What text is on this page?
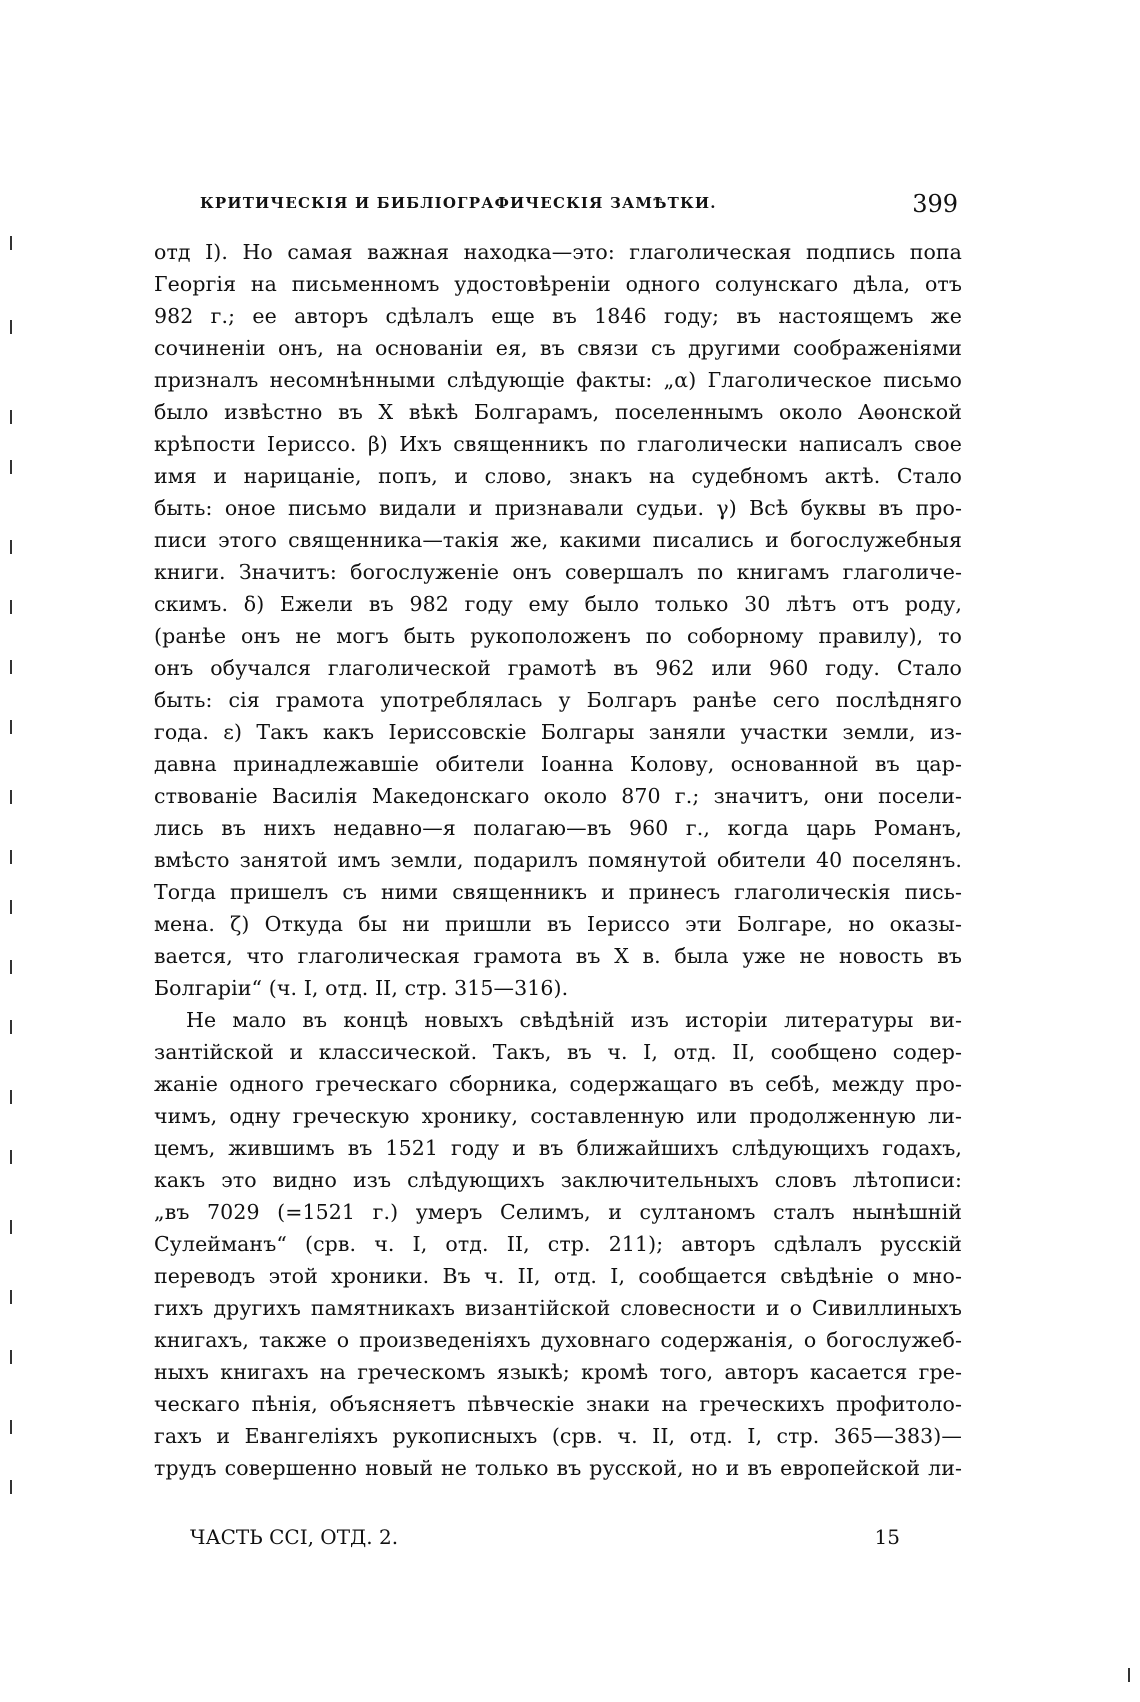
КРИТИЧЕСКІЯ И БИБЛІОГРАФИЧЕСКІЯ ЗАМѢТКИ.	399
отд I). Но самая важная находка—это: глаголическая подпись попа
Георгія на письменномъ удостовѣреніи одного солунскаго дѣла, отъ
982 г.; ее авторъ сдѣлалъ еще въ 1846 году; въ настоящемъ же
сочиненіи онъ, на основаніи ея, въ связи съ другими соображеніями
призналъ несомнѣнными слѣдующіе факты: „α) Глаголическое письмо
было извѣстно въ X вѣкѣ Болгарамъ, поселеннымъ около Аѳонской
крѣпости Іериссо. β) Ихъ священникъ по глаголически написалъ свое
имя и нарицаніе, попъ, и слово, знакъ на судебномъ актѣ. Стало
быть: оное письмо видали и признавали судьи. γ) Всѣ буквы въ про-
писи этого священника—такія же, какими писались и богослужебныя
книги. Значитъ: богослуженіе онъ совершалъ по книгамъ глаголиче-
скимъ. δ) Ежели въ 982 году ему было только 30 лѣтъ отъ роду,
(ранѣе онъ не могъ быть рукоположенъ по соборному правилу), то
онъ обучался глаголической грамотѣ въ 962 или 960 году. Стало
быть: сія грамота употреблялась у Болгаръ ранѣе сего послѣдняго
года. ε) Такъ какъ Іериссовскіе Болгары заняли участки земли, из-
давна принадлежавшіе обители Іоанна Колову, основанной въ цар-
ствованіе Василія Македонскаго около 870 г.; значитъ, они посели-
лись въ нихъ недавно—я полагаю—въ 960 г., когда царь Романъ,
вмѣсто занятой имъ земли, подарилъ помянутой обители 40 поселянъ.
Тогда пришелъ съ ними священникъ и принесъ глаголическія пись-
мена. ζ) Откуда бы ни пришли въ Іериссо эти Болгаре, но оказы-
вается, что глаголическая грамота въ X в. была уже не новость въ
Болгаріи“ (ч. I, отд. II, стр. 315—316).
Не мало въ концѣ новыхъ свѣдѣній изъ исторіи литературы ви-
зантійской и классической. Такъ, въ ч. I, отд. II, сообщено содер-
жаніе одного греческаго сборника, содержащаго въ себѣ, между про-
чимъ, одну греческую хронику, составленную или продолженную ли-
цемъ, жившимъ въ 1521 году и въ ближайшихъ слѣдующихъ годахъ,
какъ это видно изъ слѣдующихъ заключительныхъ словъ лѣтописи:
„въ 7029 (=1521 г.) умеръ Селимъ, и султаномъ сталъ нынѣшній
Сулейманъ“ (срв. ч. I, отд. II, стр. 211); авторъ сдѣлалъ русскій
переводъ этой хроники. Въ ч. II, отд. I, сообщается свѣдѣніе о мно-
гихъ другихъ памятникахъ византійской словесности и о Сивиллиныхъ
книгахъ, также о произведеніяхъ духовнаго содержанія, о богослужеб-
ныхъ книгахъ на греческомъ языкѣ; кромѣ того, авторъ касается гре-
ческаго пѣнія, объясняетъ пѣвческіе знаки на греческихъ профитоло-
гахъ и Евангеліяхъ рукописныхъ (срв. ч. II, отд. I, стр. 365—383)—
трудъ совершенно новый не только въ русской, но и въ европейской ли-
ЧАСТЬ CCI, ОТД. 2.	15
